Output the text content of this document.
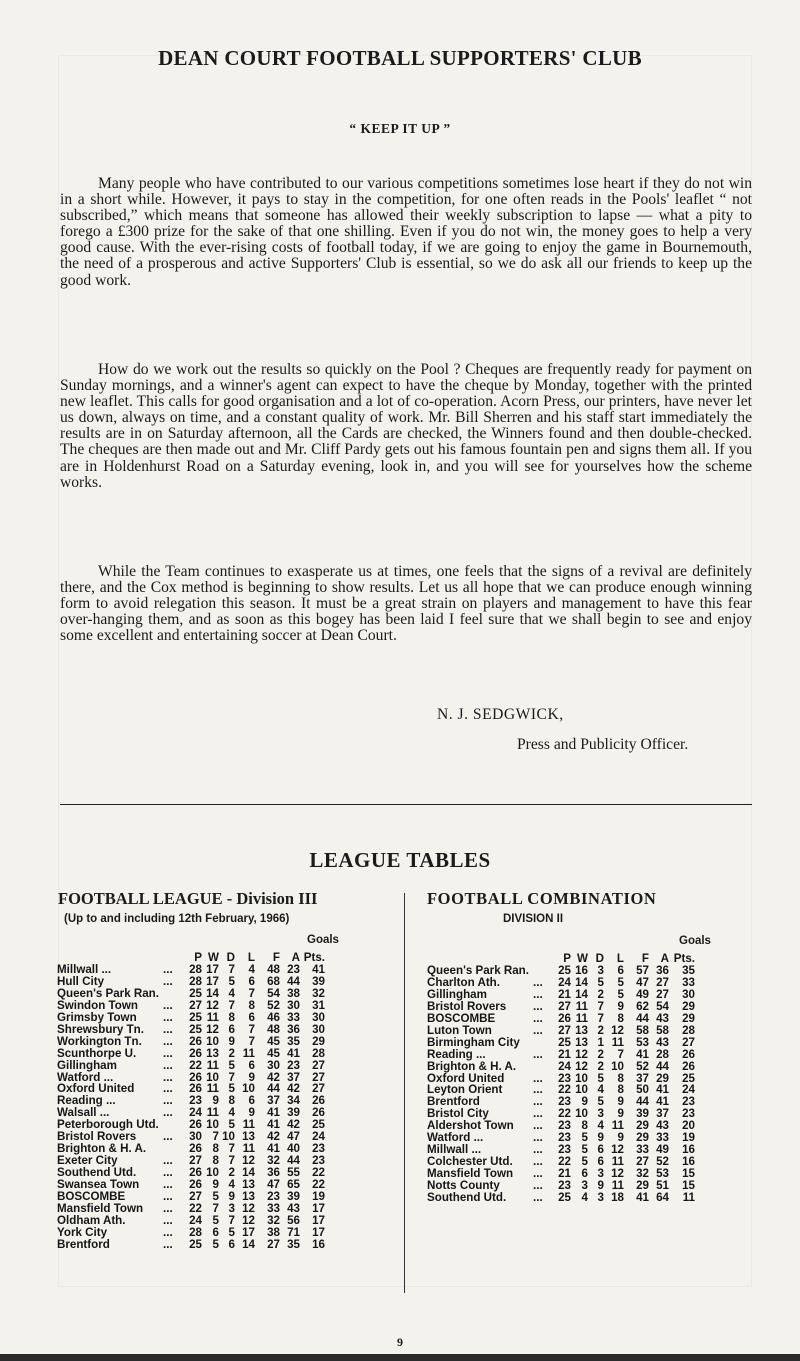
DEAN COURT FOOTBALL SUPPORTERS' CLUB
“ KEEP IT UP ”

Many people who have contributed to our various competitions sometimes lose heart if they do not win in a short while. However, it pays to stay in the competition, for one often reads in the Pools' leaflet “ not subscribed,” which means that someone has allowed their weekly subscription to lapse — what a pity to forego a £300 prize for the sake of that one shilling. Even if you do not win, the money goes to help a very good cause. With the ever-rising costs of football today, if we are going to enjoy the game in Bournemouth, the need of a prosperous and active Supporters' Club is essential, so we do ask all our friends to keep up the good work.

How do we work out the results so quickly on the Pool ? Cheques are frequently ready for payment on Sunday mornings, and a winner's agent can expect to have the cheque by Monday, together with the printed new leaflet. This calls for good organisation and a lot of co-operation. Acorn Press, our printers, have never let us down, always on time, and a constant quality of work. Mr. Bill Sherren and his staff start immediately the results are in on Saturday afternoon, all the Cards are checked, the Winners found and then double-checked. The cheques are then made out and Mr. Cliff Pardy gets out his famous fountain pen and signs them all. If you are in Holdenhurst Road on a Saturday evening, look in, and you will see for yourselves how the scheme works.

While the Team continues to exasperate us at times, one feels that the signs of a revival are definitely there, and the Cox method is beginning to show results. Let us all hope that we can produce enough winning form to avoid relegation this season. It must be a great strain on players and management to have this fear over-hanging them, and as soon as this bogey has been laid I feel sure that we shall begin to see and enjoy some excellent and entertaining soccer at Dean Court.

N. J. SEDGWICK,
Press and Publicity Officer.
LEAGUE TABLES
FOOTBALL LEAGUE - Division III
(Up to and including 12th February, 1966)
Goals
FOOTBALL COMBINATION
DIVISION II
Goals
		P	W	D	L	F	A	Pts.
Millwall ...	...	28	17	7	4	48	23	41
Hull City	...	28	17	5	6	68	44	39
Queen's Park Ran.		25	14	4	7	54	38	32
Swindon Town	...	27	12	7	8	52	30	31
Grimsby Town	...	25	11	8	6	46	33	30
Shrewsbury Tn.	...	25	12	6	7	48	36	30
Workington Tn.	...	26	10	9	7	45	35	29
Scunthorpe U.	...	26	13	2	11	45	41	28
Gillingham	...	22	11	5	6	30	23	27
Watford ...	...	26	10	7	9	42	37	27
Oxford United	...	26	11	5	10	44	42	27
Reading ...	...	23	9	8	6	37	34	26
Walsall ...	...	24	11	4	9	41	39	26
Peterborough Utd.		26	10	5	11	41	42	25
Bristol Rovers	...	30	7	10	13	42	47	24
Brighton & H. A.		26	8	7	11	41	40	23
Exeter City	...	27	8	7	12	32	44	23
Southend Utd.	...	26	10	2	14	36	55	22
Swansea Town	...	26	9	4	13	47	65	22
BOSCOMBE	...	27	5	9	13	23	39	19
Mansfield Town	...	22	7	3	12	33	43	17
Oldham Ath.	...	24	5	7	12	32	56	17
York City	...	28	6	5	17	38	71	17
Brentford	...	25	5	6	14	27	35	16
		P	W	D	L	F	A	Pts.
Queen's Park Ran.		25	16	3	6	57	36	35
Charlton Ath.	...	24	14	5	5	47	27	33
Gillingham	...	21	14	2	5	49	27	30
Bristol Rovers	...	27	11	7	9	62	54	29
BOSCOMBE	...	26	11	7	8	44	43	29
Luton Town	...	27	13	2	12	58	58	28
Birmingham City		25	13	1	11	53	43	27
Reading ...	...	21	12	2	7	41	28	26
Brighton & H. A.		24	12	2	10	52	44	26
Oxford United	...	23	10	5	8	37	29	25
Leyton Orient	...	22	10	4	8	50	41	24
Brentford	...	23	9	5	9	44	41	23
Bristol City	...	22	10	3	9	39	37	23
Aldershot Town	...	23	8	4	11	29	43	20
Watford ...	...	23	5	9	9	29	33	19
Millwall ...	...	23	5	6	12	33	49	16
Colchester Utd.	...	22	5	6	11	27	52	16
Mansfield Town	...	21	6	3	12	32	53	15
Notts County	...	23	3	9	11	29	51	15
Southend Utd.	...	25	4	3	18	41	64	11
9
